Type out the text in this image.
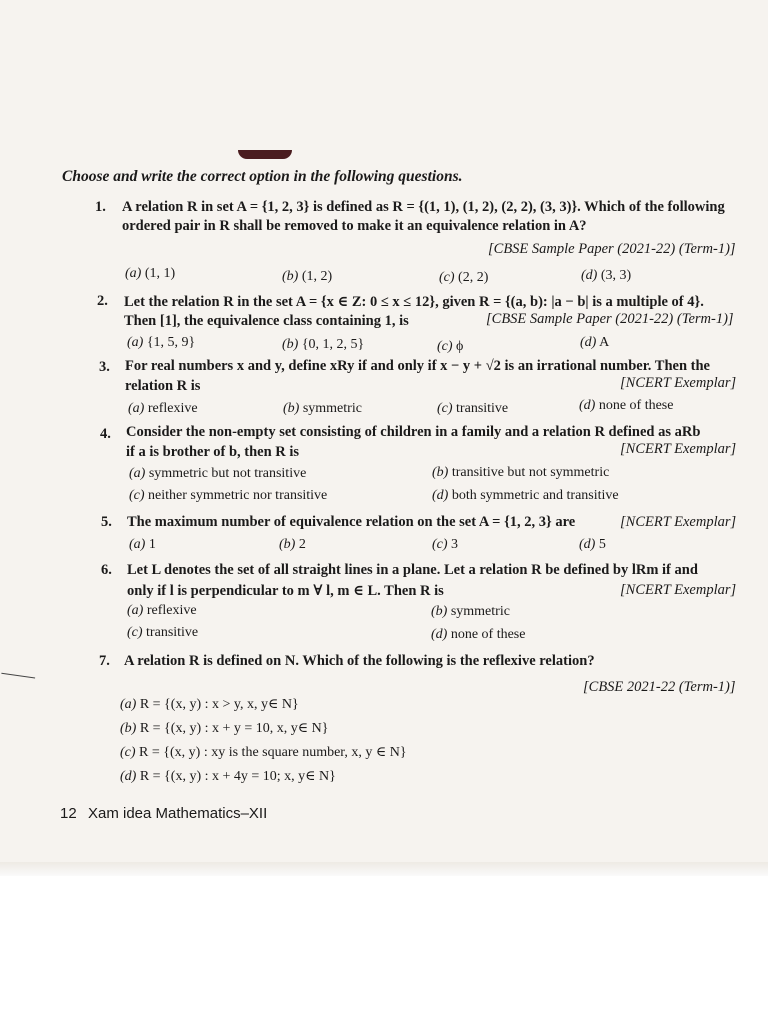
Choose and write the correct option in the following questions.
1. A relation R in set A = {1, 2, 3} is defined as R = {(1, 1), (1, 2), (2, 2), (3, 3)}. Which of the following
ordered pair in R shall be removed to make it an equivalence relation in A?
[CBSE Sample Paper (2021-22) (Term-1)]
(a) (1, 1)	(b) (1, 2)	(c) (2, 2)	(d) (3, 3)
2. Let the relation R in the set A = {x ∈ Z: 0 ≤ x ≤ 12}, given R = {(a, b): |a − b| is a multiple of 4}.
Then [1], the equivalence class containing 1, is	[CBSE Sample Paper (2021-22) (Term-1)]
(a) {1, 5, 9}	(b) {0, 1, 2, 5}	(c) ϕ	(d) A
3. For real numbers x and y, define xRy if and only if x − y + √2 is an irrational number. Then the
relation R is	[NCERT Exemplar]
(a) reflexive	(b) symmetric	(c) transitive	(d) none of these
4. Consider the non-empty set consisting of children in a family and a relation R defined as aRb
if a is brother of b, then R is	[NCERT Exemplar]
(a) symmetric but not transitive	(b) transitive but not symmetric
(c) neither symmetric nor transitive	(d) both symmetric and transitive
5. The maximum number of equivalence relation on the set A = {1, 2, 3} are	[NCERT Exemplar]
(a) 1	(b) 2	(c) 3	(d) 5
6. Let L denotes the set of all straight lines in a plane. Let a relation R be defined by lRm if and
only if l is perpendicular to m ∀ l, m ∈ L. Then R is	[NCERT Exemplar]
(a) reflexive	(b) symmetric
(c) transitive	(d) none of these
7. A relation R is defined on N. Which of the following is the reflexive relation?
[CBSE 2021-22 (Term-1)]
(a) R = {(x, y) : x > y, x, y∈ N}
(b) R = {(x, y) : x + y = 10, x, y∈ N}
(c) R = {(x, y) : xy is the square number, x, y ∈ N}
(d) R = {(x, y) : x + 4y = 10; x, y∈ N}
12 Xam idea Mathematics–XII
